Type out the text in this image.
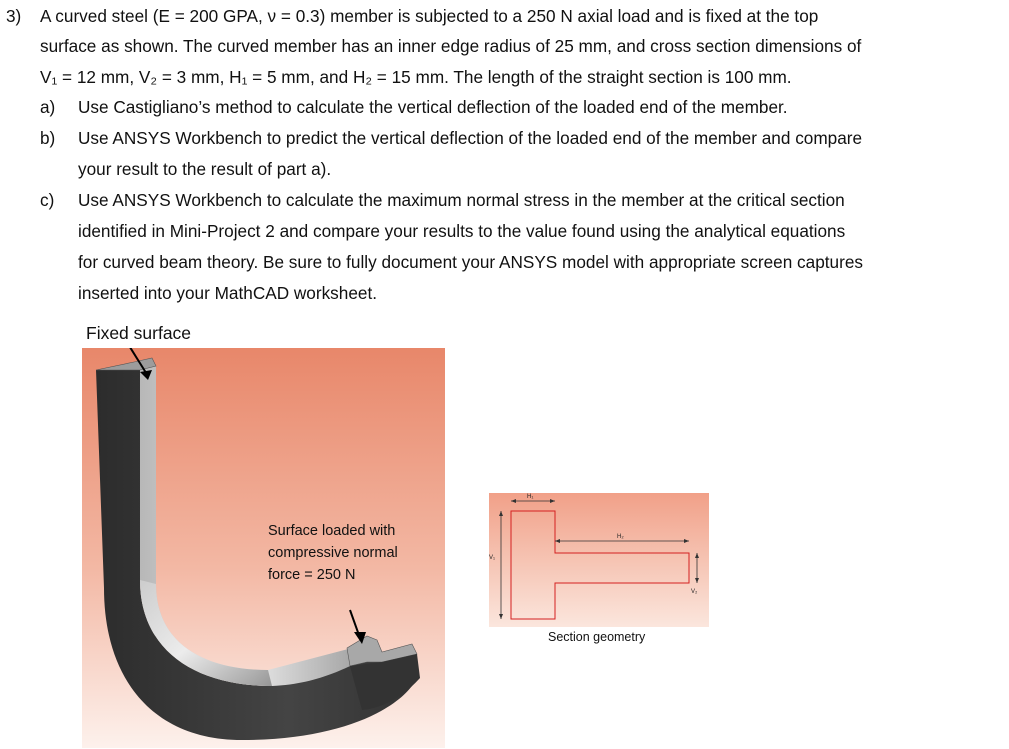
3) A curved steel (E = 200 GPA, ν = 0.3) member is subjected to a 250 N axial load and is fixed at the top
surface as shown. The curved member has an inner edge radius of 25 mm, and cross section dimensions of
V₁ = 12 mm, V₂ = 3 mm, H₁ = 5 mm, and H₂ = 15 mm. The length of the straight section is 100 mm.
a) Use Castigliano’s method to calculate the vertical deflection of the loaded end of the member.
b) Use ANSYS Workbench to predict the vertical deflection of the loaded end of the member and compare
your result to the result of part a).
c) Use ANSYS Workbench to calculate the maximum normal stress in the member at the critical section
identified in Mini-Project 2 and compare your results to the value found using the analytical equations
for curved beam theory. Be sure to fully document your ANSYS model with appropriate screen captures
inserted into your MathCAD worksheet.
Fixed surface
Surface loaded with
compressive normal
force = 250 N
H₁
H₂
V₁
V₂
Section geometry
